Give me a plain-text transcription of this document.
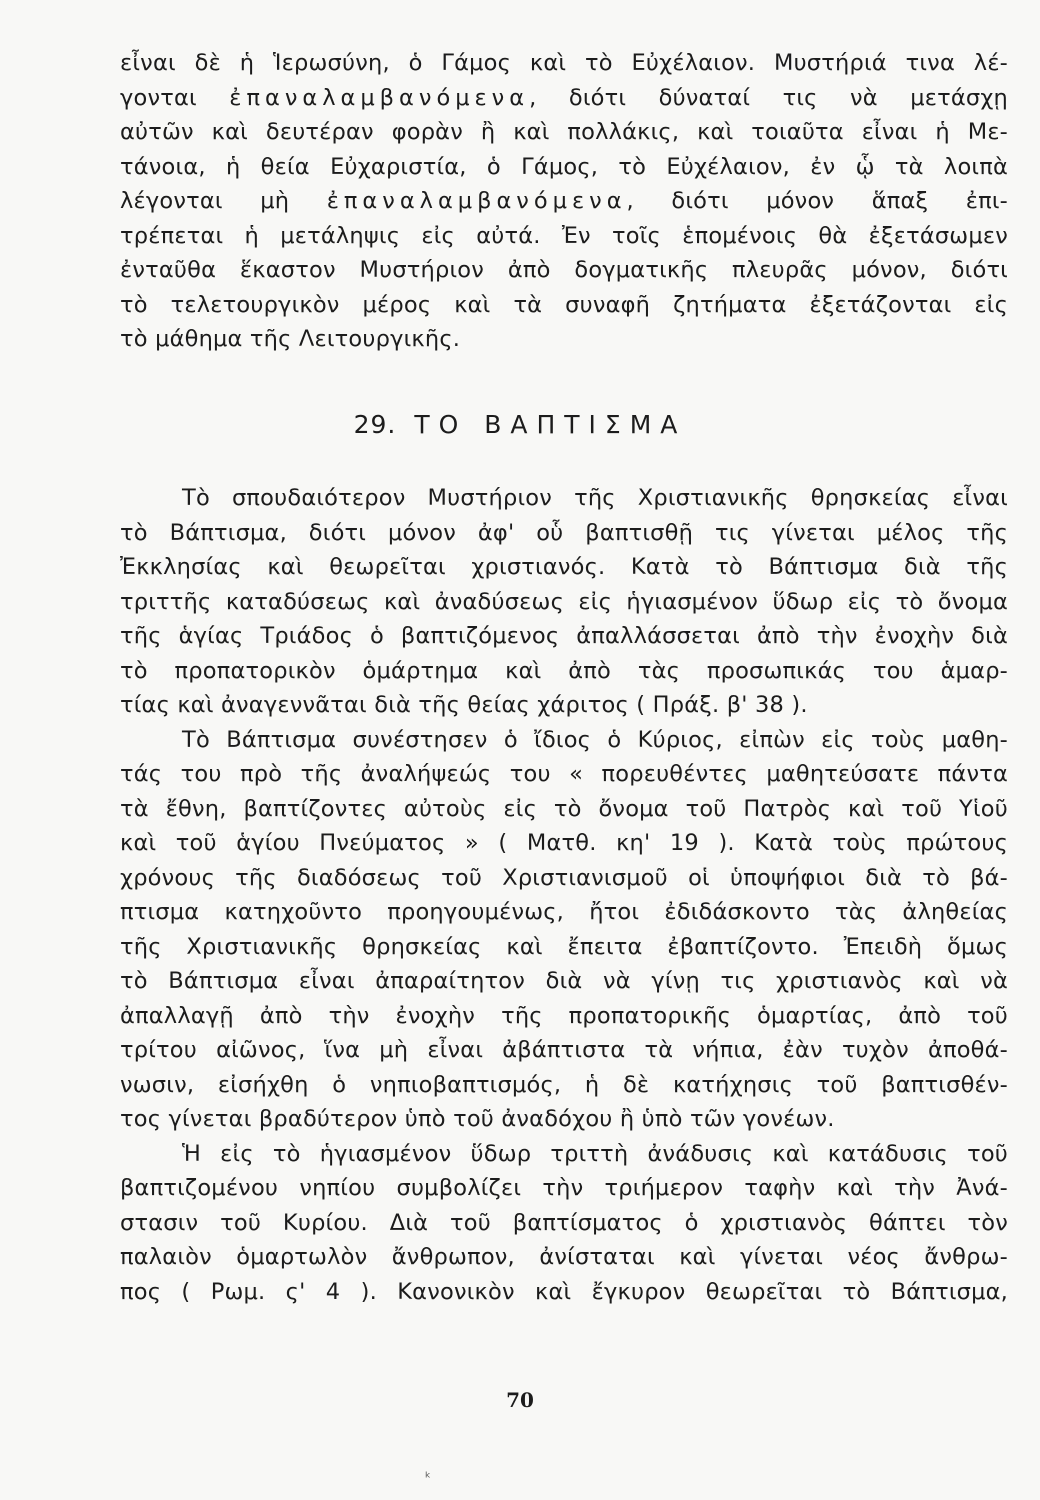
εἶναι δὲ ἡ Ἱερωσύνη, ὁ Γάμος καὶ τὸ Εὐχέλαιον. Μυστήριά τινα λέ-
γονται ἐπαναλαμβανόμενα, διότι δύναταί τις νὰ μετάσχῃ
αὐτῶν καὶ δευτέραν φορὰν ἢ καὶ πολλάκις, καὶ τοιαῦτα εἶναι ἡ Με-
τάνοια, ἡ θεία Εὐχαριστία, ὁ Γάμος, τὸ Εὐχέλαιον, ἐν ᾧ τὰ λοιπὰ
λέγονται μὴ ἐπαναλαμβανόμενα, διότι μόνον ἅπαξ ἐπι-
τρέπεται ἡ μετάληψις εἰς αὐτά. Ἐν τοῖς ἑπομένοις θὰ ἐξετάσωμεν
ἐνταῦθα ἕκαστον Μυστήριον ἀπὸ δογματικῆς πλευρᾶς μόνον, διότι
τὸ τελετουργικὸν μέρος καὶ τὰ συναφῆ ζητήματα ἐξετάζονται εἰς
τὸ μάθημα τῆς Λειτουργικῆς.
29. ΤΟ ΒΑΠΤΙΣΜΑ
Τὸ σπουδαιότερον Μυστήριον τῆς Χριστιανικῆς θρησκείας εἶναι
τὸ Βάπτισμα, διότι μόνον ἀφ' οὗ βαπτισθῇ τις γίνεται μέλος τῆς
Ἐκκλησίας καὶ θεωρεῖται χριστιανός. Κατὰ τὸ Βάπτισμα διὰ τῆς
τριττῆς καταδύσεως καὶ ἀναδύσεως εἰς ἡγιασμένον ὕδωρ εἰς τὸ ὄνομα
τῆς ἁγίας Τριάδος ὁ βαπτιζόμενος ἀπαλλάσσεται ἀπὸ τὴν ἐνοχὴν διὰ
τὸ προπατορικὸν ὁμάρτημα καὶ ἀπὸ τὰς προσωπικάς του ἁμαρ-
τίας καὶ ἀναγεννᾶται διὰ τῆς θείας χάριτος ( Πράξ. β' 38 ).
Τὸ Βάπτισμα συνέστησεν ὁ ἴδιος ὁ Κύριος, εἰπὼν εἰς τοὺς μαθη-
τάς του πρὸ τῆς ἀναλήψεώς του « πορευθέντες μαθητεύσατε πάντα
τὰ ἔθνη, βαπτίζοντες αὐτοὺς εἰς τὸ ὄνομα τοῦ Πατρὸς καὶ τοῦ Υἱοῦ
καὶ τοῦ ἁγίου Πνεύματος » ( Ματθ. κη' 19 ). Κατὰ τοὺς πρώτους
χρόνους τῆς διαδόσεως τοῦ Χριστιανισμοῦ οἱ ὑποψήφιοι διὰ τὸ βά-
πτισμα κατηχοῦντο προηγουμένως, ἤτοι ἐδιδάσκοντο τὰς ἀληθείας
τῆς Χριστιανικῆς θρησκείας καὶ ἔπειτα ἐβαπτίζοντο. Ἐπειδὴ ὅμως
τὸ Βάπτισμα εἶναι ἀπαραίτητον διὰ νὰ γίνῃ τις χριστιανὸς καὶ νὰ
ἀπαλλαγῇ ἀπὸ τὴν ἐνοχὴν τῆς προπατορικῆς ὁμαρτίας, ἀπὸ τοῦ
τρίτου αἰῶνος, ἵνα μὴ εἶναι ἀβάπτιστα τὰ νήπια, ἐὰν τυχὸν ἀποθά-
νωσιν, εἰσήχθη ὁ νηπιοβαπτισμός, ἡ δὲ κατήχησις τοῦ βαπτισθέν-
τος γίνεται βραδύτερον ὑπὸ τοῦ ἀναδόχου ἢ ὑπὸ τῶν γονέων.
Ἡ εἰς τὸ ἡγιασμένον ὕδωρ τριττὴ ἀνάδυσις καὶ κατάδυσις τοῦ
βαπτιζομένου νηπίου συμβολίζει τὴν τριήμερον ταφὴν καὶ τὴν Ἀνά-
στασιν τοῦ Κυρίου. Διὰ τοῦ βαπτίσματος ὁ χριστιανὸς θάπτει τὸν
παλαιὸν ὁμαρτωλὸν ἄνθρωπον, ἀνίσταται καὶ γίνεται νέος ἄνθρω-
πος ( Ρωμ. ς' 4 ). Κανονικὸν καὶ ἔγκυρον θεωρεῖται τὸ Βάπτισμα,
70
ᵏ
